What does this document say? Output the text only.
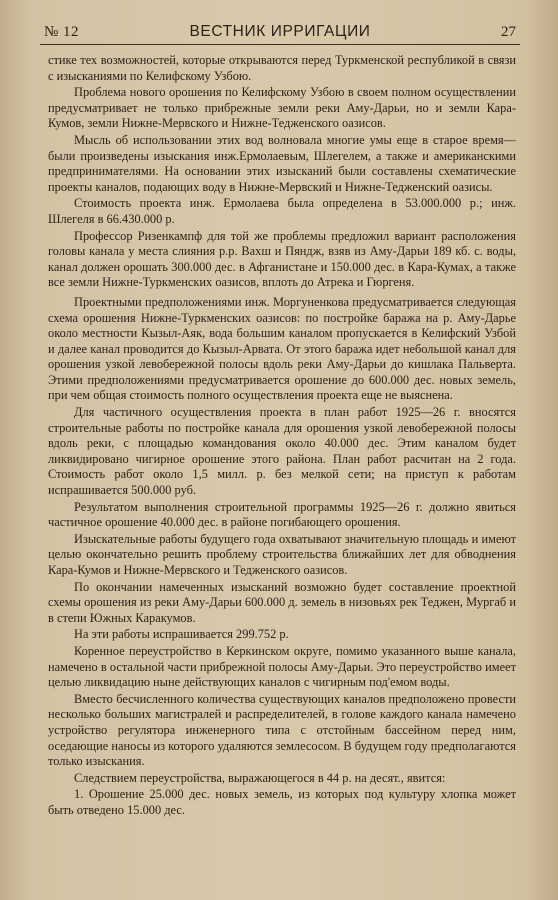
№ 12	ВЕСТНИК ИРРИГАЦИИ	27

стике тех возможностей, которые открываются перед Туркменской республикой в связи с изысканиями по Келифскому Узбою.

Проблема нового орошения по Келифскому Узбою в своем полном осуществлении предусматривает не только прибрежные земли реки Аму-Дарьи, но и земли Кара-Кумов, земли Нижне-Мервского и Нижне-Тедженского оазисов.

Мысль об использовании этих вод волновала многие умы еще в старое время—были произведены изыскания инж.Ермолаевым, Шлегелем, а также и американскими предпринимателями. На основании этих изысканий были составлены схематические проекты каналов, подающих воду в Нижне-Мервский и Нижне-Тедженский оазисы.

Стоимость проекта инж. Ермолаева была определена в 53.000.000 р.; инж. Шлегеля в 66.430.000 р.

Профессор Ризенкампф для той же проблемы предложил вариант расположения головы канала у места слияния р.р. Вахш и Пяндж, взяв из Аму-Дарьи 189 кб. с. воды, канал должен орошать 300.000 дес. в Афганистане и 150.000 дес. в Кара-Кумах, а также все земли Нижне-Туркменских оазисов, вплоть до Атрека и Гюргеня.

Проектными предположениями инж. Моргуненкова предусматривается следующая схема орошения Нижне-Туркменских оазисов: по постройке баража на р. Аму-Дарье около местности Кызыл-Аяк, вода большим каналом пропускается в Келифский Узбой и далее канал проводится до Кызыл-Арвата. От этого баража идет небольшой канал для орошения узкой левобережной полосы вдоль реки Аму-Дарьи до кишлака Пальверта. Этими предположениями предусматривается орошение до 600.000 дес. новых земель, при чем общая стоимость полного осуществления проекта еще не выяснена.

Для частичного осуществления проекта в план работ 1925—26 г. вносятся строительные работы по постройке канала для орошения узкой левобережной полосы вдоль реки, с площадью командования около 40.000 дес. Этим каналом будет ликвидировано чигирное орошение этого района. План работ расчитан на 2 года. Стоимость работ около 1,5 милл. р. без мелкой сети; на приступ к работам испрашивается 500.000 руб.

Результатом выполнения строительной программы 1925—26 г. должно явиться частичное орошение 40.000 дес. в районе погибающего орошения.

Изыскательные работы будущего года охватывают значительную площадь и имеют целью окончательно решить проблему строительства ближайших лет для обводнения Кара-Кумов и Нижне-Мервского и Тедженского оазисов.

По окончании намеченных изысканий возможно будет составление проектной схемы орошения из реки Аму-Дарьи 600.000 д. земель в низовьях рек Теджен, Мургаб и в степи Южных Каракумов.

На эти работы испрашивается 299.752 р.

Коренное переустройство в Керкинском округе, помимо указанного выше канала, намечено в остальной части прибрежной полосы Аму-Дарьи. Это переустройство имеет целью ликвидацию ныне действующих каналов с чигирным под'емом воды.

Вместо бесчисленного количества существующих каналов предположено провести несколько больших магистралей и распределителей, в голове каждого канала намечено устройство регулятора инженерного типа с отстойным бассейном перед ним, оседающие наносы из которого удаляются землесосом. В будущем году предполагаются только изыскания.

Следствием переустройства, выражающегося в 44 р. на десят., явится:

1. Орошение 25.000 дес. новых земель, из которых под культуру хлопка может быть отведено 15.000 дес.
